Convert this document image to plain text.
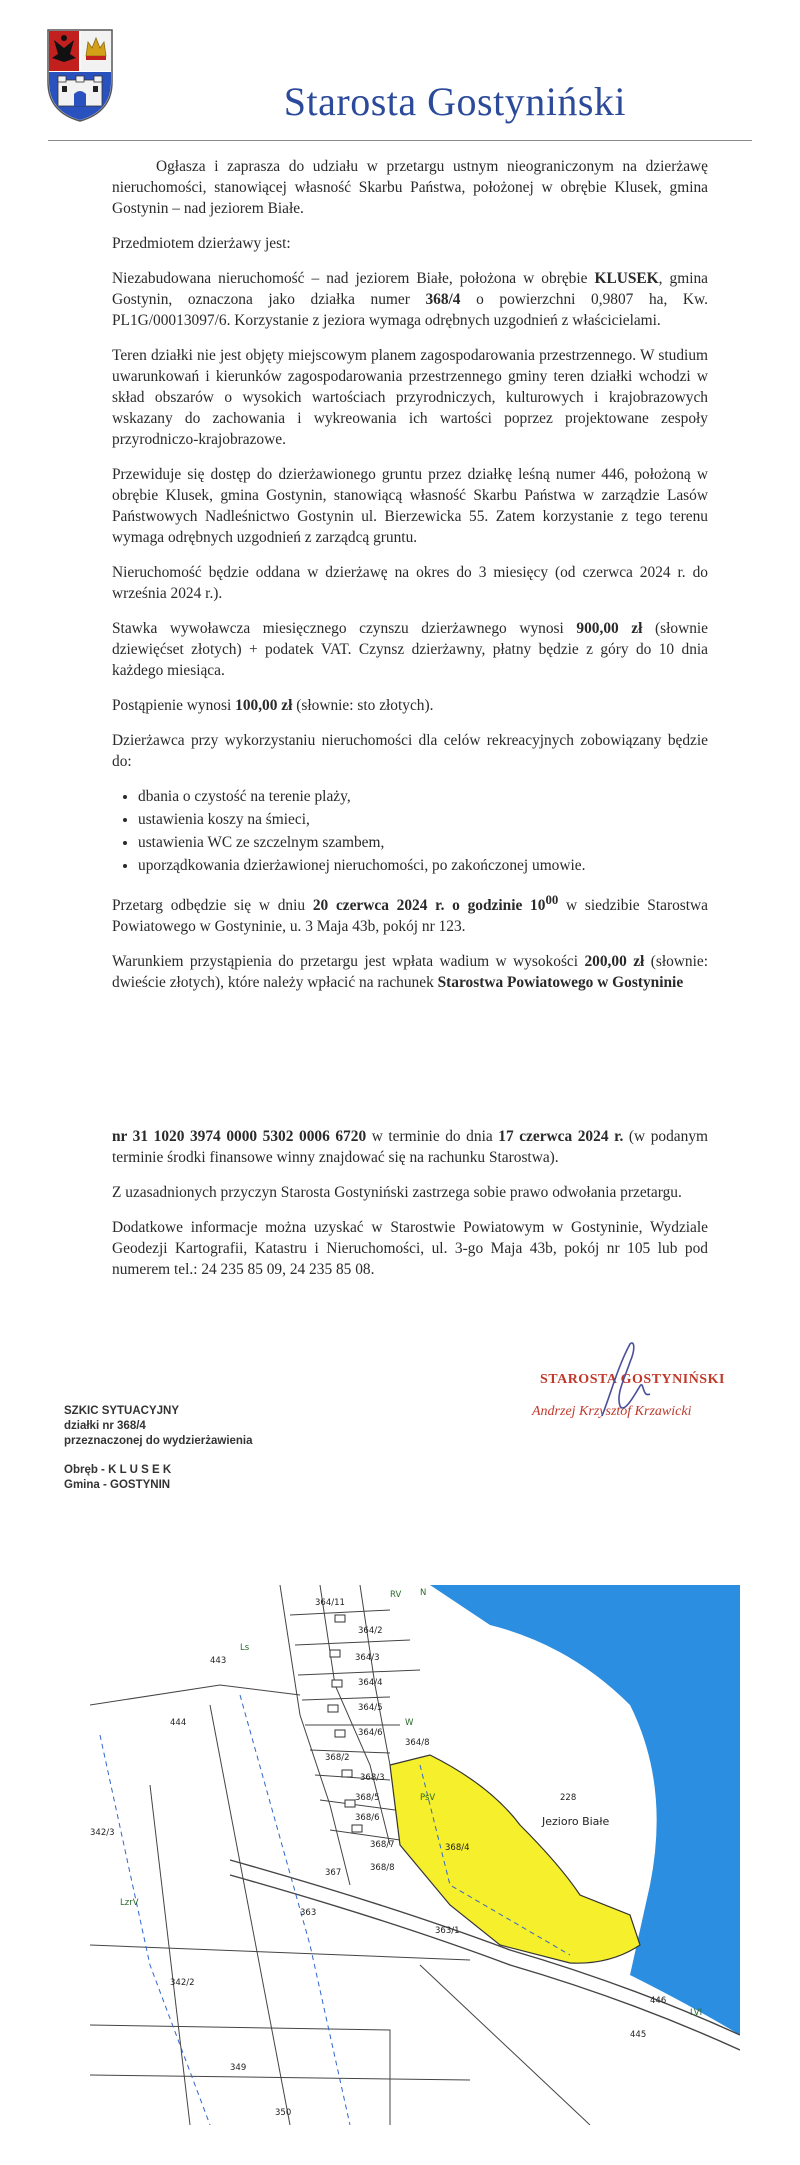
Starosta Gostyniński

Ogłasza i zaprasza do udziału w przetargu ustnym nieograniczonym na dzierżawę nieruchomości, stanowiącej własność Skarbu Państwa, położonej w obrębie Klusek, gmina Gostynin – nad jeziorem Białe.

Przedmiotem dzierżawy jest:

Niezabudowana nieruchomość – nad jeziorem Białe, położona w obrębie KLUSEK, gmina Gostynin, oznaczona jako działka numer 368/4 o powierzchni 0,9807 ha, Kw. PL1G/00013097/6. Korzystanie z jeziora wymaga odrębnych uzgodnień z właścicielami.

Teren działki nie jest objęty miejscowym planem zagospodarowania przestrzennego. W studium uwarunkowań i kierunków zagospodarowania przestrzennego gminy teren działki wchodzi w skład obszarów o wysokich wartościach przyrodniczych, kulturowych i krajobrazowych wskazany do zachowania i wykreowania ich wartości poprzez projektowane zespoły przyrodniczo-krajobrazowe.

Przewiduje się dostęp do dzierżawionego gruntu przez działkę leśną numer 446, położoną w obrębie Klusek, gmina Gostynin, stanowiącą własność Skarbu Państwa w zarządzie Lasów Państwowych Nadleśnictwo Gostynin ul. Bierzewicka 55. Zatem korzystanie z tego terenu wymaga odrębnych uzgodnień z zarządcą gruntu.

Nieruchomość będzie oddana w dzierżawę na okres do 3 miesięcy (od czerwca 2024 r. do września 2024 r.).

Stawka wywoławcza miesięcznego czynszu dzierżawnego wynosi 900,00 zł (słownie dziewięćset złotych) + podatek VAT. Czynsz dzierżawny, płatny będzie z góry do 10 dnia każdego miesiąca.

Postąpienie wynosi 100,00 zł (słownie: sto złotych).

Dzierżawca przy wykorzystaniu nieruchomości dla celów rekreacyjnych zobowiązany będzie do:

• dbania o czystość na terenie plaży,
• ustawienia koszy na śmieci,
• ustawienia WC ze szczelnym szambem,
• uporządkowania dzierżawionej nieruchomości, po zakończonej umowie.

Przetarg odbędzie się w dniu 20 czerwca 2024 r. o godzinie $10^{00}$ w siedzibie Starostwa Powiatowego w Gostyninie, u. 3 Maja 43b, pokój nr 123.

Warunkiem przystąpienia do przetargu jest wpłata wadium w wysokości 200,00 zł (słownie: dwieście złotych), które należy wpłacić na rachunek Starostwa Powiatowego w Gostyninie

nr 31 1020 3974 0000 5302 0006 6720 w terminie do dnia 17 czerwca 2024 r. (w podanym terminie środki finansowe winny znajdować się na rachunku Starostwa).

Z uzasadnionych przyczyn Starosta Gostyniński zastrzega sobie prawo odwołania przetargu.

Dodatkowe informacje można uzyskać w Starostwie Powiatowym w Gostyninie, Wydziale Geodezji Kartografii, Katastru i Nieruchomości, ul. 3-go Maja 43b, pokój nr 105 lub pod numerem tel.: 24 235 85 09, 24 235 85 08.

STAROSTA GOSTYNIŃSKI
Andrzej Krzysztof Krzawicki
SZKIC SYTUACYJNY
działki nr 368/4
przeznaczonej do wydzierżawienia
Obręb - K L U S E K
Gmina - GOSTYNIN
Jezioro Białe
228
364/11
364/2
364/3
364/4
364/5
364/6
364/8
368/2
368/3
368/5
368/6
368/7
368/8
368/4
367
363
363/1
443
444
446
445
342/3
342/2
349
350
RV
PsV
Ls
LzrV
LVI
N
W
